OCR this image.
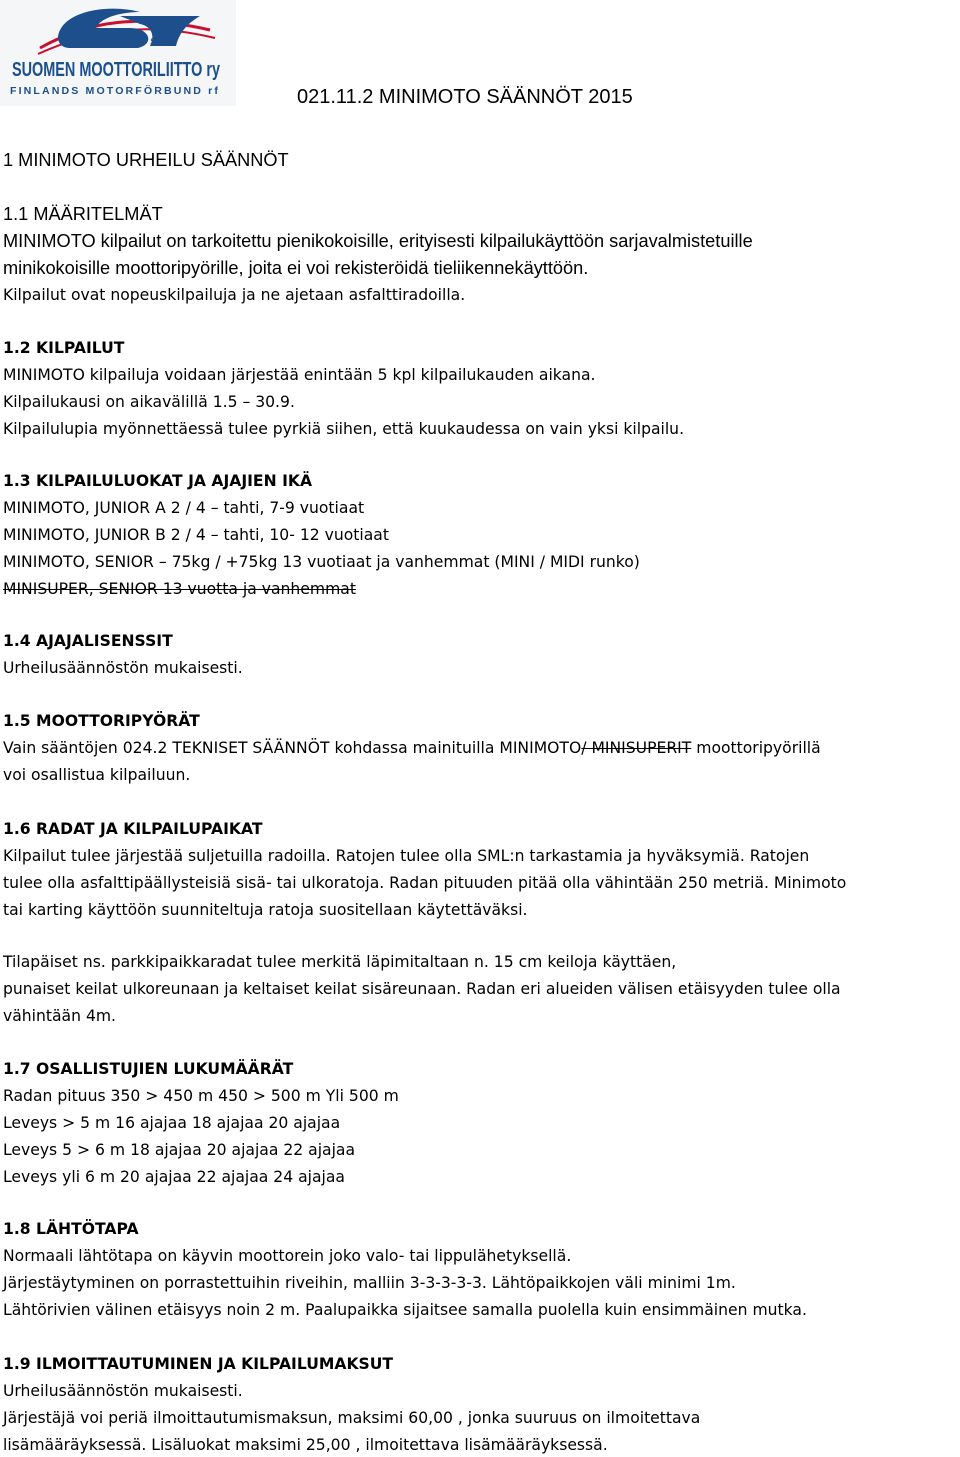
SML
SUOMEN MOOTTORILIITTO ry
FINLANDS MOTORFÖRBUND rf	021.11.2 MINIMOTO SÄÄNNÖT 2015
1 MINIMOTO URHEILU SÄÄNNÖT
1.1 MÄÄRITELMÄT
MINIMOTO kilpailut on tarkoitettu pienikokoisille, erityisesti kilpailukäyttöön sarjavalmistetuille
minikokoisille moottoripyörille, joita ei voi rekisteröidä tieliikennekäyttöön.
Kilpailut ovat nopeuskilpailuja ja ne ajetaan asfalttiradoilla.
1.2 KILPAILUT
MINIMOTO kilpailuja voidaan järjestää enintään 5 kpl kilpailukauden aikana.
Kilpailukausi on aikavälillä 1.5 – 30.9.
Kilpailulupia myönnettäessä tulee pyrkiä siihen, että kuukaudessa on vain yksi kilpailu.
1.3 KILPAILULUOKAT JA AJAJIEN IKÄ
MINIMOTO, JUNIOR A 2 / 4 – tahti, 7-9 vuotiaat
MINIMOTO, JUNIOR B 2 / 4 – tahti, 10- 12 vuotiaat
MINIMOTO, SENIOR – 75kg / +75kg 13 vuotiaat ja vanhemmat (MINI / MIDI runko)
MINISUPER, SENIOR 13 vuotta ja vanhemmat
1.4 AJAJALISENSSIT
Urheilusäännöstön mukaisesti.
1.5 MOOTTORIPYÖRÄT
Vain sääntöjen 024.2 TEKNISET SÄÄNNÖT kohdassa mainituilla MINIMOTO/ MINISUPERIT moottoripyörillä
voi osallistua kilpailuun.
1.6 RADAT JA KILPAILUPAIKAT
Kilpailut tulee järjestää suljetuilla radoilla. Ratojen tulee olla SML:n tarkastamia ja hyväksymiä. Ratojen
tulee olla asfalttipäällysteisiä sisä- tai ulkoratoja. Radan pituuden pitää olla vähintään 250 metriä. Minimoto
tai karting käyttöön suunniteltuja ratoja suositellaan käytettäväksi.
Tilapäiset ns. parkkipaikkaradat tulee merkitä läpimitaltaan n. 15 cm keiloja käyttäen,
punaiset keilat ulkoreunaan ja keltaiset keilat sisäreunaan. Radan eri alueiden välisen etäisyyden tulee olla
vähintään 4m.
1.7 OSALLISTUJIEN LUKUMÄÄRÄT
Radan pituus 350 > 450 m 450 > 500 m Yli 500 m
Leveys > 5 m 16 ajajaa 18 ajajaa 20 ajajaa
Leveys 5 > 6 m 18 ajajaa 20 ajajaa 22 ajajaa
Leveys yli 6 m 20 ajajaa 22 ajajaa 24 ajajaa
1.8 LÄHTÖTAPA
Normaali lähtötapa on käyvin moottorein joko valo- tai lippulähetyksellä.
Järjestäytyminen on porrastettuihin riveihin, malliin 3-3-3-3-3. Lähtöpaikkojen väli minimi 1m.
Lähtörivien välinen etäisyys noin 2 m. Paalupaikka sijaitsee samalla puolella kuin ensimmäinen mutka.
1.9 ILMOITTAUTUMINEN JA KILPAILUMAKSUT
Urheilusäännöstön mukaisesti.
Järjestäjä voi periä ilmoittautumismaksun, maksimi 60,00 , jonka suuruus on ilmoitettava
lisämääräyksessä. Lisäluokat maksimi 25,00 , ilmoitettava lisämääräyksessä.
